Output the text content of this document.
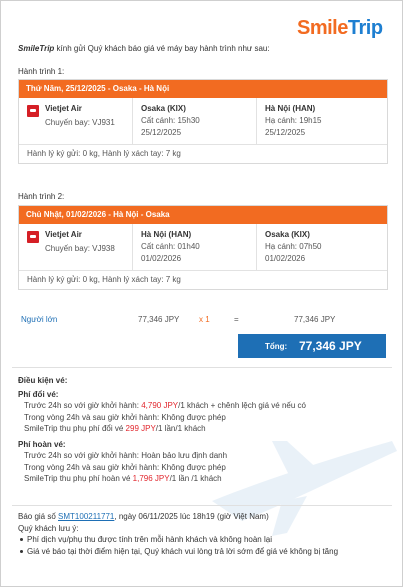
SmileTrip
SmileTrip kính gửi Quý khách báo giá vé máy bay hành trình như sau:
Hành trình 1:
Thứ Năm, 25/12/2025 - Osaka - Hà Nội
Vietjet Air
Chuyến bay: VJ931
Osaka (KIX)
Cất cánh: 15h30
25/12/2025
Hà Nội (HAN)
Hạ cánh: 19h15
25/12/2025
Hành lý ký gửi: 0 kg, Hành lý xách tay: 7 kg
Hành trình 2:
Chủ Nhật, 01/02/2026 - Hà Nội - Osaka
Vietjet Air
Chuyến bay: VJ938
Hà Nội (HAN)
Cất cánh: 01h40
01/02/2026
Osaka (KIX)
Hạ cánh: 07h50
01/02/2026
Hành lý ký gửi: 0 kg, Hành lý xách tay: 7 kg
Người lớn	77,346 JPY x 1	=	77,346 JPY
Tổng: 77,346 JPY
Điều kiện vé:
Phí đổi vé:
Trước 24h so với giờ khởi hành: 4,790 JPY/1 khách + chênh lệch giá vé nếu có
Trong vòng 24h và sau giờ khởi hành: Không được phép
SmileTrip thu phụ phí đổi vé 299 JPY/1 lần/1 khách
Phí hoàn vé:
Trước 24h so với giờ khởi hành: Hoàn bảo lưu định danh
Trong vòng 24h và sau giờ khởi hành: Không được phép
SmileTrip thu phụ phí hoàn vé 1,796 JPY/1 lần /1 khách
Báo giá số SMT100211771, ngày 06/11/2025 lúc 18h19 (giờ Việt Nam)
Quý khách lưu ý:
Phí dịch vụ/phụ thu được tính trên mỗi hành khách và không hoàn lại
Giá vé báo tại thời điểm hiện tại, Quý khách vui lòng trả lời sớm để giá vé không bị tăng
